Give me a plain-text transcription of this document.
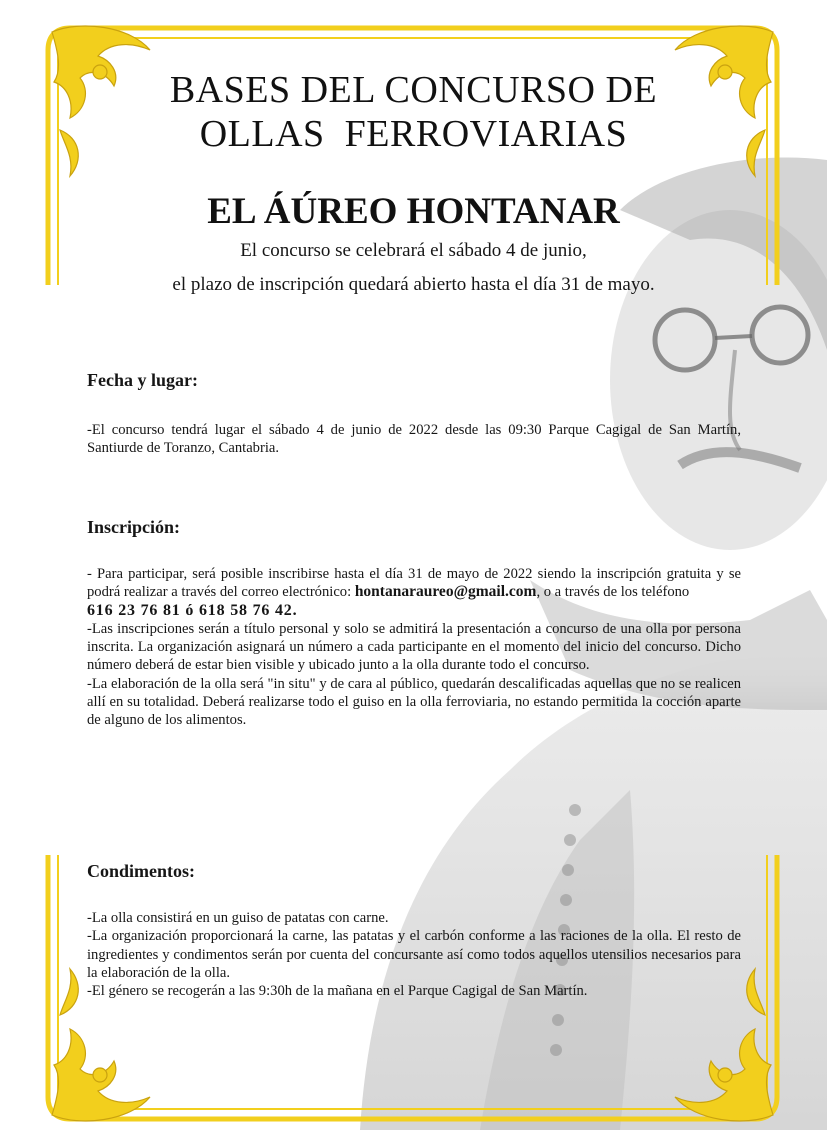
BASES DEL CONCURSO DE
OLLAS  FERROVIARIAS
EL ÁÚREO HONTANAR
El concurso se celebrará el sábado 4 de junio,
el plazo de inscripción quedará abierto hasta el día 31 de mayo.
Fecha y lugar:

-El concurso tendrá lugar el sábado 4 de junio de 2022 desde las 09:30 Parque Cagigal de San Martín, Santiurde de Toranzo, Cantabria.

Inscripción:

- Para participar, será posible inscribirse hasta el día 31 de mayo de 2022 siendo la inscripción gratuita y se podrá realizar a través del correo electrónico: hontanaraureo@gmail.com, o a través de los teléfono

616 23 76 81 ó 618 58 76 42.

-Las inscripciones serán a título personal y solo se admitirá la presentación a concurso de una olla por persona inscrita. La organización asignará un número a cada participante en el momento del inicio del concurso. Dicho número deberá de estar bien visible y ubicado junto a la olla durante todo el concurso.

-La elaboración de la olla será "in situ" y de cara al público, quedarán descalificadas aquellas que no se realicen allí en su totalidad. Deberá realizarse todo el guiso en la olla ferroviaria, no estando permitida la cocción aparte de alguno de los alimentos.

Condimentos:

-La olla consistirá en un guiso de patatas con carne.

-La organización proporcionará la carne, las patatas y el carbón conforme a las raciones de la olla. El resto de ingredientes y condimentos serán por cuenta del concursante así como todos aquellos utensilios necesarios para la elaboración de la olla.

-El género se recogerán a las 9:30h de la mañana en el Parque Cagigal de San Martín.
